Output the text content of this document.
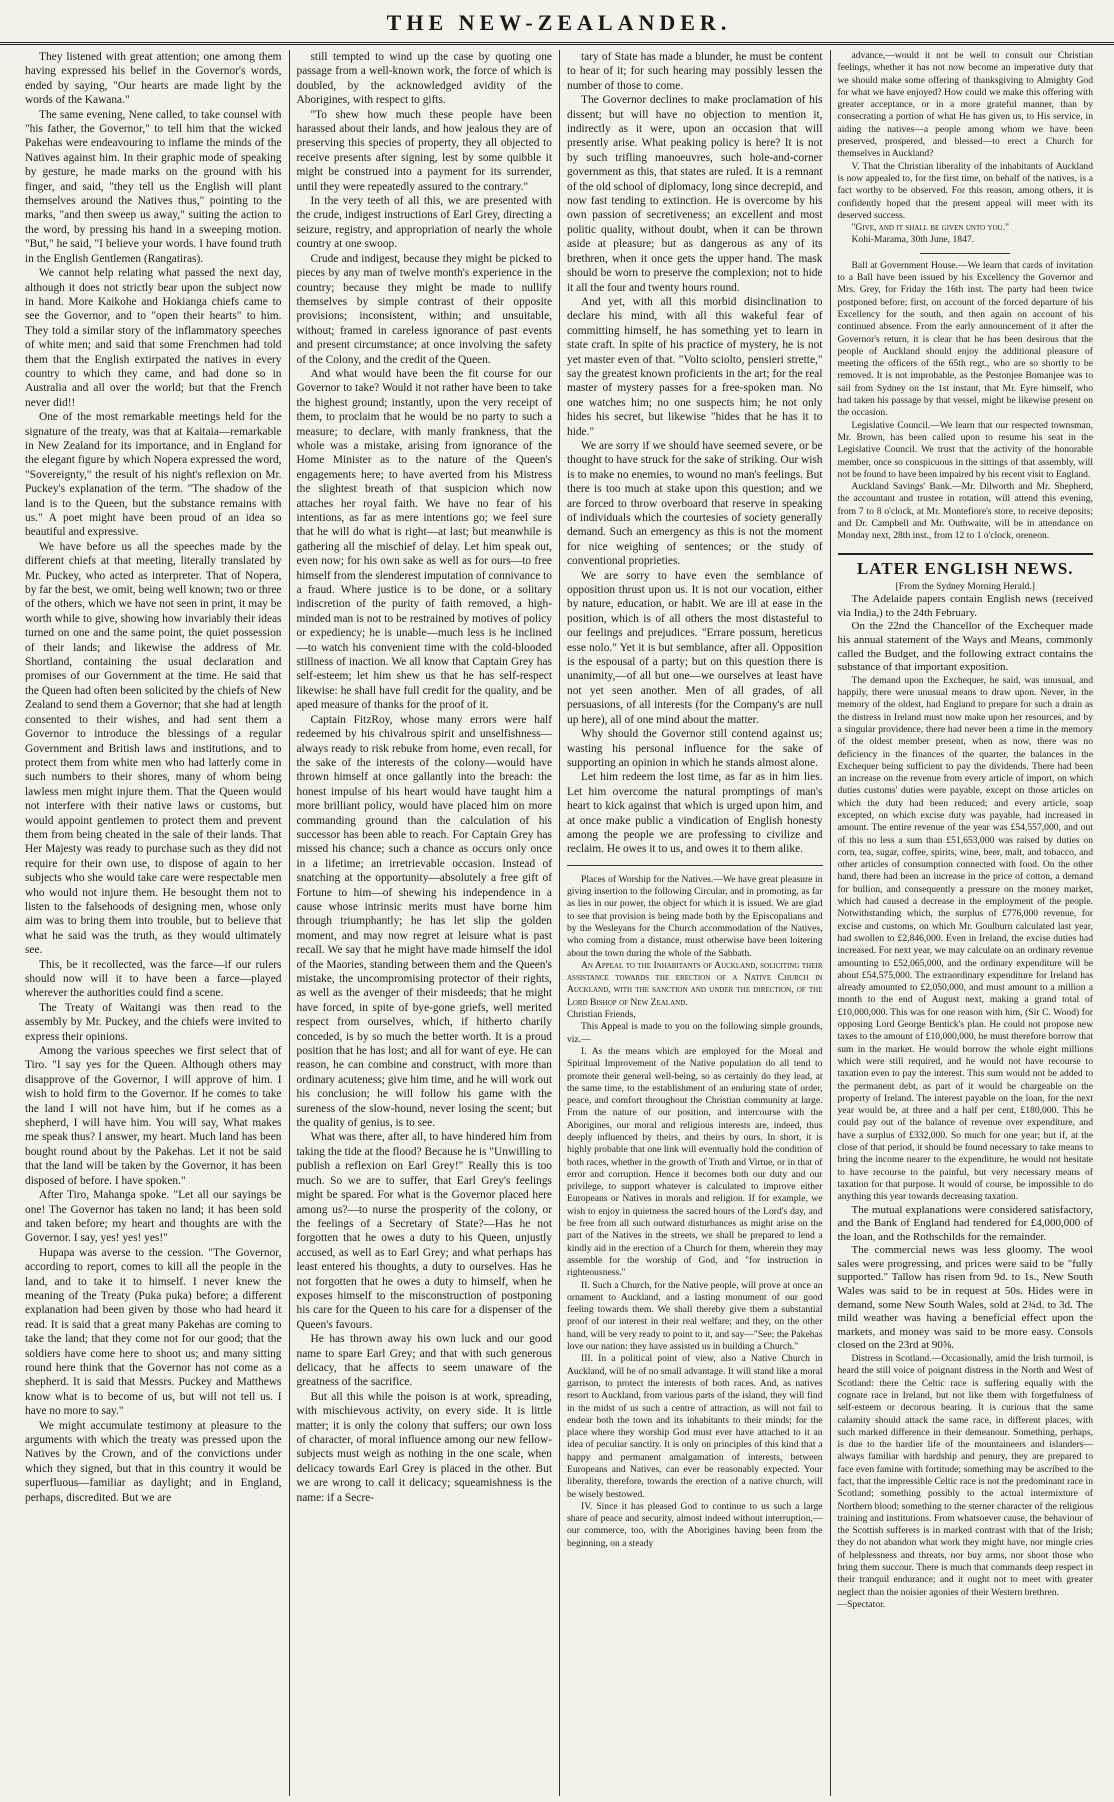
THE NEW-ZEALANDER.

They listened with great attention; one among them having expressed his belief in the Governor's words, ended by saying, "Our hearts are made light by the words of the Kawana."

The same evening, Nene called, to take counsel with "his father, the Governor," to tell him that the wicked Pakehas were endeavouring to inflame the minds of the Natives against him. In their graphic mode of speaking by gesture, he made marks on the ground with his finger, and said, "they tell us the English will plant themselves around the Natives thus," pointing to the marks, "and then sweep us away," suiting the action to the word, by pressing his hand in a sweeping motion. "But," he said, "I believe your words. I have found truth in the English Gentlemen (Rangatiras).

We cannot help relating what passed the next day, although it does not strictly bear upon the subject now in hand. More Kaikohe and Hokianga chiefs came to see the Governor, and to "open their hearts" to him. They told a similar story of the inflammatory speeches of white men; and said that some Frenchmen had told them that the English extirpated the natives in every country to which they came, and had done so in Australia and all over the world; but that the French never did!!

One of the most remarkable meetings held for the signature of the treaty, was that at Kaitaia—remarkable in New Zealand for its importance, and in England for the elegant figure by which Nopera expressed the word, "Sovereignty," the result of his night's reflexion on Mr. Puckey's explanation of the term. "The shadow of the land is to the Queen, but the substance remains with us." A poet might have been proud of an idea so beautiful and expressive.

We have before us all the speeches made by the different chiefs at that meeting, literally translated by Mr. Puckey, who acted as interpreter. That of Nopera, by far the best, we omit, being well known; two or three of the others, which we have not seen in print, it may be worth while to give, showing how invariably their ideas turned on one and the same point, the quiet possession of their lands; and likewise the address of Mr. Shortland, containing the usual declaration and promises of our Government at the time. He said that the Queen had often been solicited by the chiefs of New Zealand to send them a Governor; that she had at length consented to their wishes, and had sent them a Governor to introduce the blessings of a regular Government and British laws and institutions, and to protect them from white men who had latterly come in such numbers to their shores, many of whom being lawless men might injure them. That the Queen would not interfere with their native laws or customs, but would appoint gentlemen to protect them and prevent them from being cheated in the sale of their lands. That Her Majesty was ready to purchase such as they did not require for their own use, to dispose of again to her subjects who she would take care were respectable men who would not injure them. He besought them not to listen to the falsehoods of designing men, whose only aim was to bring them into trouble, but to believe that what he said was the truth, as they would ultimately see.

This, be it recollected, was the farce—if our rulers should now will it to have been a farce—played wherever the authorities could find a scene.

The Treaty of Waitangi was then read to the assembly by Mr. Puckey, and the chiefs were invited to express their opinions.

Among the various speeches we first select that of Tiro. "I say yes for the Queen. Although others may disapprove of the Governor, I will approve of him. I wish to hold firm to the Governor. If he comes to take the land I will not have him, but if he comes as a shepherd, I will have him. You will say, What makes me speak thus? I answer, my heart. Much land has been bought round about by the Pakehas. Let it not be said that the land will be taken by the Governor, it has been disposed of before. I have spoken."

After Tiro, Mahanga spoke. "Let all our sayings be one! The Governor has taken no land; it has been sold and taken before; my heart and thoughts are with the Governor. I say, yes! yes! yes!"

Hupapa was averse to the cession. "The Governor, according to report, comes to kill all the people in the land, and to take it to himself. I never knew the meaning of the Treaty (Puka puka) before; a different explanation had been given by those who had heard it read. It is said that a great many Pakehas are coming to take the land; that they come not for our good; that the soldiers have come here to shoot us; and many sitting round here think that the Governor has not come as a shepherd. It is said that Messrs. Puckey and Matthews know what is to become of us, but will not tell us. I have no more to say."

We might accumulate testimony at pleasure to the arguments with which the treaty was pressed upon the Natives by the Crown, and of the convictions under which they signed, but that in this country it would be superfluous—familiar as daylight; and in England, perhaps, discredited. But we are

still tempted to wind up the case by quoting one passage from a well-known work, the force of which is doubled, by the acknowledged avidity of the Aborigines, with respect to gifts.

"To shew how much these people have been harassed about their lands, and how jealous they are of preserving this species of property, they all objected to receive presents after signing, lest by some quibble it might be construed into a payment for its surrender, until they were repeatedly assured to the contrary."

In the very teeth of all this, we are presented with the crude, indigest instructions of Earl Grey, directing a seizure, registry, and appropriation of nearly the whole country at one swoop.

Crude and indigest, because they might be picked to pieces by any man of twelve month's experience in the country; because they might be made to nullify themselves by simple contrast of their opposite provisions; inconsistent, within; and unsuitable, without; framed in careless ignorance of past events and present circumstance; at once involving the safety of the Colony, and the credit of the Queen.

And what would have been the fit course for our Governor to take? Would it not rather have been to take the highest ground; instantly, upon the very receipt of them, to proclaim that he would be no party to such a measure; to declare, with manly frankness, that the whole was a mistake, arising from ignorance of the Home Minister as to the nature of the Queen's engagements here; to have averted from his Mistress the slightest breath of that suspicion which now attaches her royal faith. We have no fear of his intentions, as far as mere intentions go; we feel sure that he will do what is right—at last; but meanwhile is gathering all the mischief of delay. Let him speak out, even now; for his own sake as well as for ours—to free himself from the slenderest imputation of connivance to a fraud. Where justice is to be done, or a solitary indiscretion of the purity of faith removed, a high-minded man is not to be restrained by motives of policy or expediency; he is unable—much less is he inclined—to watch his convenient time with the cold-blooded stillness of inaction. We all know that Captain Grey has self-esteem; let him shew us that he has self-respect likewise: he shall have full credit for the quality, and be aped measure of thanks for the proof of it.

Captain FitzRoy, whose many errors were half redeemed by his chivalrous spirit and unselfishness—always ready to risk rebuke from home, even recall, for the sake of the interests of the colony—would have thrown himself at once gallantly into the breach: the honest impulse of his heart would have taught him a more brilliant policy, would have placed him on more commanding ground than the calculation of his successor has been able to reach. For Captain Grey has missed his chance; such a chance as occurs only once in a lifetime; an irretrievable occasion. Instead of snatching at the opportunity—absolutely a free gift of Fortune to him—of shewing his independence in a cause whose intrinsic merits must have borne him through triumphantly; he has let slip the golden moment, and may now regret at leisure what is past recall. We say that he might have made himself the idol of the Maories, standing between them and the Queen's mistake, the uncompromising protector of their rights, as well as the avenger of their misdeeds; that he might have forced, in spite of bye-gone griefs, well merited respect from ourselves, which, if hitherto charily conceded, is by so much the better worth. It is a proud position that he has lost; and all for want of eye. He can reason, he can combine and construct, with more than ordinary acuteness; give him time, and he will work out his conclusion; he will follow his game with the sureness of the slow-hound, never losing the scent; but the quality of genius, is to see.

What was there, after all, to have hindered him from taking the tide at the flood? Because he is "Unwilling to publish a reflexion on Earl Grey!" Really this is too much. So we are to suffer, that Earl Grey's feelings might be spared. For what is the Governor placed here among us?—to nurse the prosperity of the colony, or the feelings of a Secretary of State?—Has he not forgotten that he owes a duty to his Queen, unjustly accused, as well as to Earl Grey; and what perhaps has least entered his thoughts, a duty to ourselves. Has he not forgotten that he owes a duty to himself, when he exposes himself to the misconstruction of postponing his care for the Queen to his care for a dispenser of the Queen's favours.

He has thrown away his own luck and our good name to spare Earl Grey; and that with such generous delicacy, that he affects to seem unaware of the greatness of the sacrifice.

But all this while the poison is at work, spreading, with mischievous activity, on every side. It is little matter; it is only the colony that suffers; our own loss of character, of moral influence among our new fellow-subjects must weigh as nothing in the one scale, when delicacy towards Earl Grey is placed in the other. But we are wrong to call it delicacy; squeamishness is the name: if a Secre-

tary of State has made a blunder, he must be content to hear of it; for such hearing may possibly lessen the number of those to come.

The Governor declines to make proclamation of his dissent; but will have no objection to mention it, indirectly as it were, upon an occasion that will presently arise. What peaking policy is here? It is not by such trifling manoeuvres, such hole-and-corner government as this, that states are ruled. It is a remnant of the old school of diplomacy, long since decrepid, and now fast tending to extinction. He is overcome by his own passion of secretiveness; an excellent and most politic quality, without doubt, when it can be thrown aside at pleasure; but as dangerous as any of its brethren, when it once gets the upper hand. The mask should be worn to preserve the complexion; not to hide it all the four and twenty hours round.

And yet, with all this morbid disinclination to declare his mind, with all this wakeful fear of committing himself, he has something yet to learn in state craft. In spite of his practice of mystery, he is not yet master even of that. "Volto sciolto, pensieri strette," say the greatest known proficients in the art; for the real master of mystery passes for a free-spoken man. No one watches him; no one suspects him; he not only hides his secret, but likewise "hides that he has it to hide."

We are sorry if we should have seemed severe, or be thought to have struck for the sake of striking. Our wish is to make no enemies, to wound no man's feelings. But there is too much at stake upon this question; and we are forced to throw overboard that reserve in speaking of individuals which the courtesies of society generally demand. Such an emergency as this is not the moment for nice weighing of sentences; or the study of conventional proprieties.

We are sorry to have even the semblance of opposition thrust upon us. It is not our vocation, either by nature, education, or habit. We are ill at ease in the position, which is of all others the most distasteful to our feelings and prejudices. "Errare possum, hereticus esse nolo." Yet it is but semblance, after all. Opposition is the espousal of a party; but on this question there is unanimity,—of all but one—we ourselves at least have not yet seen another. Men of all grades, of all persuasions, of all interests (for the Company's are null up here), all of one mind about the matter.

Why should the Governor still contend against us; wasting his personal influence for the sake of supporting an opinion in which he stands almost alone.

Let him redeem the lost time, as far as in him lies. Let him overcome the natural promptings of man's heart to kick against that which is urged upon him, and at once make public a vindication of English honesty among the people we are professing to civilize and reclaim. He owes it to us, and owes it to them alike.

Places of Worship for the Natives.—We have great pleasure in giving insertion to the following Circular, and in promoting, as far as lies in our power, the object for which it is issued. We are glad to see that provision is being made both by the Episcopalians and by the Wesleyans for the Church accommodation of the Natives, who coming from a distance, must otherwise have been loitering about the town during the whole of the Sabbath.

An Appeal to the Inhabitants of Auckland, soliciting their assistance towards the erection of a Native Church in Auckland, with the sanction and under the direction, of the Lord Bishop of New Zealand.

Christian Friends,

This Appeal is made to you on the following simple grounds, viz.—

I. As the means which are employed for the Moral and Spiritual Improvement of the Native population do all tend to promote their general well-being, so as certainly do they lead, at the same time, to the establishment of an enduring state of order, peace, and comfort throughout the Christian community at large. From the nature of our position, and intercourse with the Aborigines, our moral and religious interests are, indeed, thus deeply influenced by theirs, and theirs by ours. In short, it is highly probable that one link will eventually hold the condition of both races, whether in the growth of Truth and Virtue, or in that of error and corruption. Hence it becomes both our duty and our privilege, to support whatever is calculated to improve either Europeans or Natives in morals and religion. If for example, we wish to enjoy in quietness the sacred hours of the Lord's day, and be free from all such outward disturbances as might arise on the part of the Natives in the streets, we shall be prepared to lend a kindly aid in the erection of a Church for them, wherein they may assemble for the worship of God, and "for instruction in righteousness."

II. Such a Church, for the Native people, will prove at once an ornament to Auckland, and a lasting monument of our good feeling towards them. We shall thereby give them a substantial proof of our interest in their real welfare; and they, on the other hand, will be very ready to point to it, and say—"See; the Pakehas love our nation: they have assisted us in building a Church."

III. In a political point of view, also a Native Church in Auckland, will be of no small advantage. It will stand like a moral garrison, to protect the interests of both races. And, as natives resort to Auckland, from various parts of the island, they will find in the midst of us such a centre of attraction, as will not fail to endear both the town and its inhabitants to their minds; for the place where they worship God must ever have attached to it an idea of peculiar sanctity. It is only on principles of this kind that a happy and permanent amalgamation of interests, between Europeans and Natives, can ever be reasonably expected. Your liberality, therefore, towards the erection of a native church, will be wisely bestowed.

IV. Since it has pleased God to continue to us such a large share of peace and security, almost indeed without interruption,—our commerce, too, with the Aborigines having been from the beginning, on a steady

advance,—would it not be well to consult our Christian feelings, whether it has not now become an imperative duty that we should make some offering of thanksgiving to Almighty God for what we have enjoyed? How could we make this offering with greater acceptance, or in a more grateful manner, than by consecrating a portion of what He has given us, to His service, in aiding the natives—a people among whom we have been preserved, prospered, and blessed—to erect a Church for themselves in Auckland?

V. That the Christian liberality of the inhabitants of Auckland is now appealed to, for the first time, on behalf of the natives, is a fact worthy to be observed. For this reason, among others, it is confidently hoped that the present appeal will meet with its deserved success.

"Give, and it shall be given unto you."

Kohi-Marama, 30th June, 1847.

Ball at Government House.—We learn that cards of invitation to a Ball have been issued by his Excellency the Governor and Mrs. Grey, for Friday the 16th inst. The party had been twice postponed before; first, on account of the forced departure of his Excellency for the south, and then again on account of his continued absence. From the early announcement of it after the Governor's return, it is clear that he has been desirous that the people of Auckland should enjoy the additional pleasure of meeting the officers of the 65th regt., who are so shortly to be removed. It is not improbable, as the Pestonjee Bomanjee was to sail from Sydney on the 1st instant, that Mr. Eyre himself, who had taken his passage by that vessel, might be likewise present on the occasion.

Legislative Council.—We learn that our respected townsman, Mr. Brown, has been called upon to resume his seat in the Legislative Council. We trust that the activity of the honorable member, once so conspicuous in the sittings of that assembly, will not be found to have been impaired by his recent visit to England.

Auckland Savings' Bank.—Mr. Dilworth and Mr. Shepherd, the accountant and trustee in rotation, will attend this evening, from 7 to 8 o'clock, at Mr. Montefiore's store, to receive deposits; and Dr. Campbell and Mr. Outhwaite, will be in attendance on Monday next, 28th inst., from 12 to 1 o'clock, oreneon.

LATER ENGLISH NEWS.

[From the Sydney Morning Herald.]

The Adelaide papers contain English news (received via India,) to the 24th February.

On the 22nd the Chancellor of the Exchequer made his annual statement of the Ways and Means, commonly called the Budget, and the following extract contains the substance of that important exposition.

The demand upon the Exchequer, he said, was unusual, and happily, there were unusual means to draw upon. Never, in the memory of the oldest, had England to prepare for such a drain as the distress in Ireland must now make upon her resources, and by a singular providence, there had never been a time in the memory of the oldest member present, when as now, there was no deficiency in the finances of the quarter, the balances in the Exchequer being sufficient to pay the dividends. There had been an increase on the revenue from every article of import, on which duties customs' duties were payable, except on those articles on which the duty had been reduced; and every article, soap excepted, on which excise duty was payable, had increased in amount. The entire revenue of the year was £54,557,000, and out of this no less a sum than £51,653,000 was raised by duties on corn, tea, sugar, coffee, spirits, wine, beer, malt, and tobacco, and other articles of consumption connected with food. On the other hand, there had been an increase in the price of cotton, a demand for bullion, and consequently a pressure on the money market, which had caused a decrease in the employment of the people. Notwithstanding which, the surplus of £776,000 revenue, for excise and customs, on which Mr. Goulburn calculated last year, had swollen to £2,846,000. Even in Ireland, the excise duties had increased. For next year, we may calculate on an ordinary revenue amounting to £52,065,000, and the ordinary expenditure will be about £54,575,000. The extraordinary expenditure for Ireland has already amounted to £2,050,000, and must amount to a million a month to the end of August next, making a grand total of £10,000,000. This was for one reason with him, (Sir C. Wood) for opposing Lord George Bentick's plan. He could not propose new taxes to the amount of £10,000,000, he must therefore borrow that sum in the market. He would borrow the whole eight millions which were still required, and he would not have recourse to taxation even to pay the interest. This sum would not be added to the permanent debt, as part of it would be chargeable on the property of Ireland. The interest payable on the loan, for the next year would be, at three and a half per cent, £180,000. This he could pay out of the balance of revenue over expenditure, and have a surplus of £332,000. So much for one year; but if, at the close of that period, it should be found necessary to take means to bring the income nearer to the expenditure, he would not hesitate to have recourse to the painful, but very necessary means of taxation for that purpose. It would of course, be impossible to do anything this year towards decreasing taxation.

The mutual explanations were considered satisfactory, and the Bank of England had tendered for £4,000,000 of the loan, and the Rothschilds for the remainder.

The commercial news was less gloomy. The wool sales were progressing, and prices were said to be "fully supported." Tallow has risen from 9d. to 1s., New South Wales was said to be in request at 50s. Hides were in demand, some New South Wales, sold at 2¾d. to 3d. The mild weather was having a beneficial effect upon the markets, and money was said to be more easy. Consols closed on the 23rd at 90⅝.

Distress in Scotland.—Occasionally, amid the Irish turmoil, is heard the still voice of poignant distress in the North and West of Scotland: there the Celtic race is suffering equally with the cognate race in Ireland, but not like them with forgetfulness of self-esteem or decorous bearing. It is curious that the same calamity should attack the same race, in different places, with such marked difference in their demeanour. Something, perhaps, is due to the hardier life of the mountaineers and islanders—always familiar with hardship and penury, they are prepared to face even famine with fortitude; something may be ascribed to the fact, that the impressible Celtic race is not the predominant race in Scotland; something possibly to the actual intermixture of Northern blood; something to the sterner character of the religious training and institutions. From whatsoever cause, the behaviour of the Scottish sufferers is in marked contrast with that of the Irish; they do not abandon what work they might have, nor mingle cries of helplessness and threats, nor buy arms, nor shoot those who bring them succour. There is much that commands deep respect in their tranquil endurance; and it ought not to meet with greater neglect than the noisier agonies of their Western brethren.

—Spectator.
